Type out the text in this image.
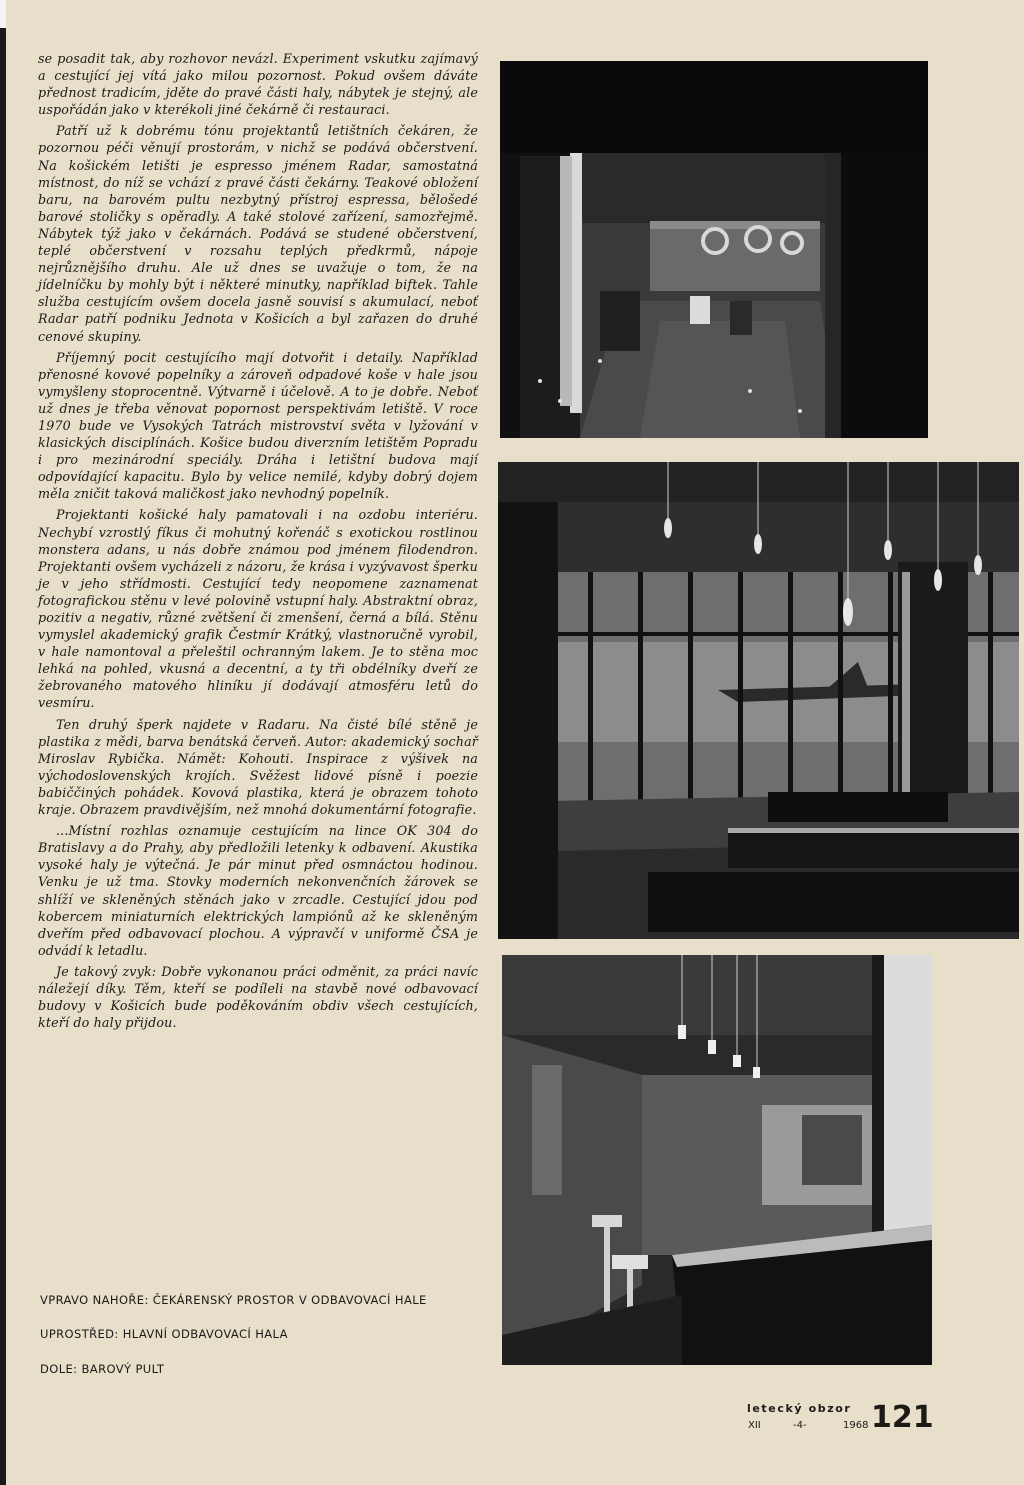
se posadit tak, aby rozhovor nevázl. Experiment vskutku zajímavý a cestující jej vítá jako milou pozornost. Pokud ovšem dáváte přednost tradicím, jděte do pravé části haly, nábytek je stejný, ale uspořádán jako v kterékoli jiné čekárně či restauraci.

Patří už k dobrému tónu projektantů letištních čekáren, že pozornou péči věnují prostorám, v nichž se podává občerstvení. Na košickém letišti je espresso jménem Radar, samostatná místnost, do níž se vchází z pravé části čekárny. Teakové obložení baru, na barovém pultu nezbytný přístroj espressa, bělošedé barové stoličky s opěradly. A také stolové zařízení, samozřejmě. Nábytek týž jako v čekárnách. Podává se studené občerstvení, teplé občerstvení v rozsahu teplých předkrmů, nápoje nejrůznějšího druhu. Ale už dnes se uvažuje o tom, že na jídelníčku by mohly být i některé minutky, například biftek. Tahle služba cestujícím ovšem docela jasně souvisí s akumulací, neboť Radar patří podniku Jednota v Košicích a byl zařazen do druhé cenové skupiny.

Příjemný pocit cestujícího mají dotvořit i detaily. Například přenosné kovové popelníky a zároveň odpadové koše v hale jsou vymyšleny stoprocentně. Výtvarně i účelově. A to je dobře. Neboť už dnes je třeba věnovat popornost perspektivám letiště. V roce 1970 bude ve Vysokých Tatrách mistrovství světa v lyžování v klasických disciplínách. Košice budou diverzním letištěm Popradu i pro mezinárodní speciály. Dráha i letištní budova mají odpovídající kapacitu. Bylo by velice nemilé, kdyby dobrý dojem měla zničit taková maličkost jako nevhodný popelník.

Projektanti košické haly pamatovali i na ozdobu interiéru. Nechybí vzrostlý fíkus či mohutný kořenáč s exotickou rostlinou monstera adans, u nás dobře známou pod jménem filodendron. Projektanti ovšem vycházeli z názoru, že krása i vyzývavost šperku je v jeho střídmosti. Cestující tedy neopomene zaznamenat fotografickou stěnu v levé polovině vstupní haly. Abstraktní obraz, pozitiv a negativ, různé zvětšení či zmenšení, černá a bílá. Stěnu vymyslel akademický grafik Čestmír Krátký, vlastnoručně vyrobil, v hale namontoval a přeleštil ochranným lakem. Je to stěna moc lehká na pohled, vkusná a decentní, a ty tři obdélníky dveří ze žebrovaného matového hliníku jí dodávají atmosféru letů do vesmíru.

Ten druhý šperk najdete v Radaru. Na čisté bílé stěně je plastika z mědi, barva benátská červeň. Autor: akademický sochař Miroslav Rybička. Námět: Kohouti. Inspirace z výšivek na východoslovenských krojích. Svěžest lidové písně i poezie babiččiných pohádek. Kovová plastika, která je obrazem tohoto kraje. Obrazem pravdivějším, než mnohá dokumentární fotografie.

...Místní rozhlas oznamuje cestujícím na lince OK 304 do Bratislavy a do Prahy, aby předložili letenky k odbavení. Akustika vysoké haly je výtečná. Je pár minut před osmnáctou hodinou. Venku je už tma. Stovky moderních nekonvenčních žárovek se shlíží ve skleněných stěnách jako v zrcadle. Cestující jdou pod kobercem miniaturních elektrických lampiónů až ke skleněným dveřím před odbavovací plochou. A výpravčí v uniformě ČSA je odvádí k letadlu.

Je takový zvyk: Dobře vykonanou práci odměnit, za práci navíc náležejí díky. Těm, kteří se podíleli na stavbě nové odbavovací budovy v Košicích bude poděkováním obdiv všech cestujících, kteří do haly přijdou.

VPRAVO NAHOŘE: ČEKÁRENSKÝ PROSTOR V ODBAVOVACÍ HALE
UPROSTŘED: HLAVNÍ ODBAVOVACÍ HALA
DOLE: BAROVÝ PULT
letecký obzor
XII	-4-	1968 121
